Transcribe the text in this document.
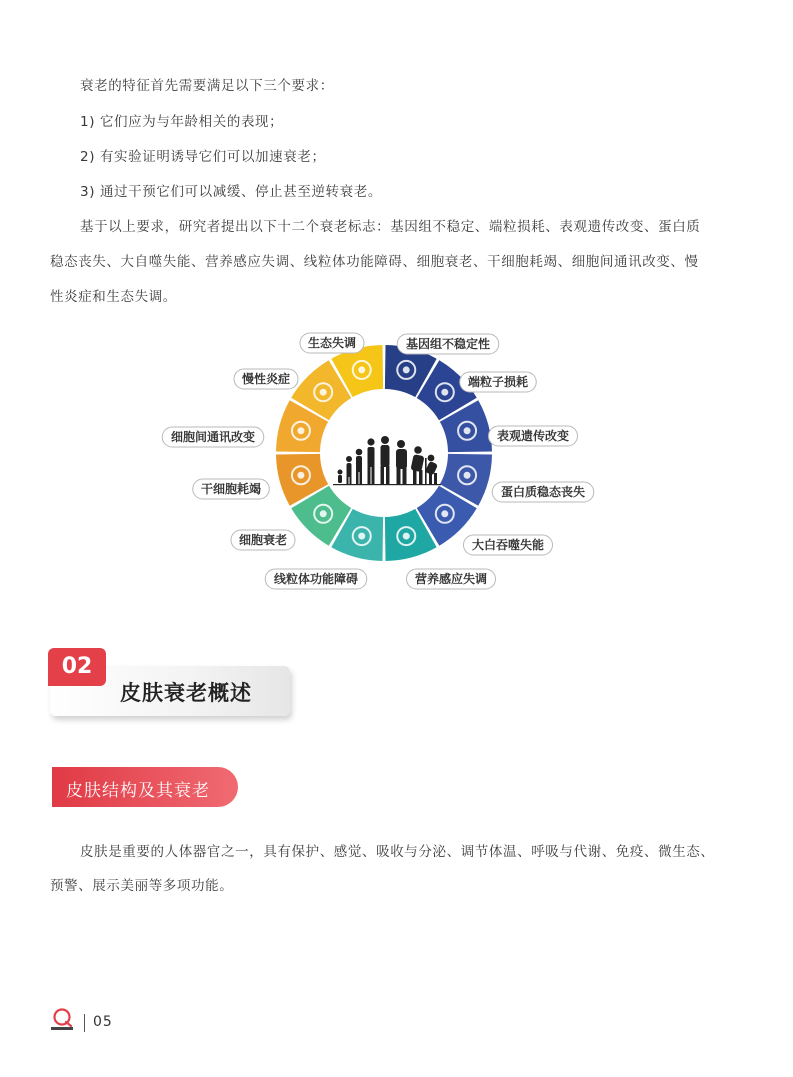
衰老的特征首先需要满足以下三个要求：
1) 它们应为与年龄相关的表现；
2) 有实验证明诱导它们可以加速衰老；
3) 通过干预它们可以减缓、停止甚至逆转衰老。
基于以上要求，研究者提出以下十二个衰老标志：基因组不稳定、端粒损耗、表观遗传改变、蛋白质
稳态丧失、大自噬失能、营养感应失调、线粒体功能障碍、细胞衰老、干细胞耗竭、细胞间通讯改变、慢
性炎症和生态失调。
基因组不稳定性
端粒子损耗
表观遗传改变
蛋白质稳态丧失
大白吞噬失能
营养感应失调
线粒体功能障碍
细胞衰老
干细胞耗竭
细胞间通讯改变
慢性炎症
生态失调
02
皮肤衰老概述
皮肤结构及其衰老
皮肤是重要的人体器官之一，具有保护、感觉、吸收与分泌、调节体温、呼吸与代谢、免疫、微生态、
预警、展示美丽等多项功能。
05
